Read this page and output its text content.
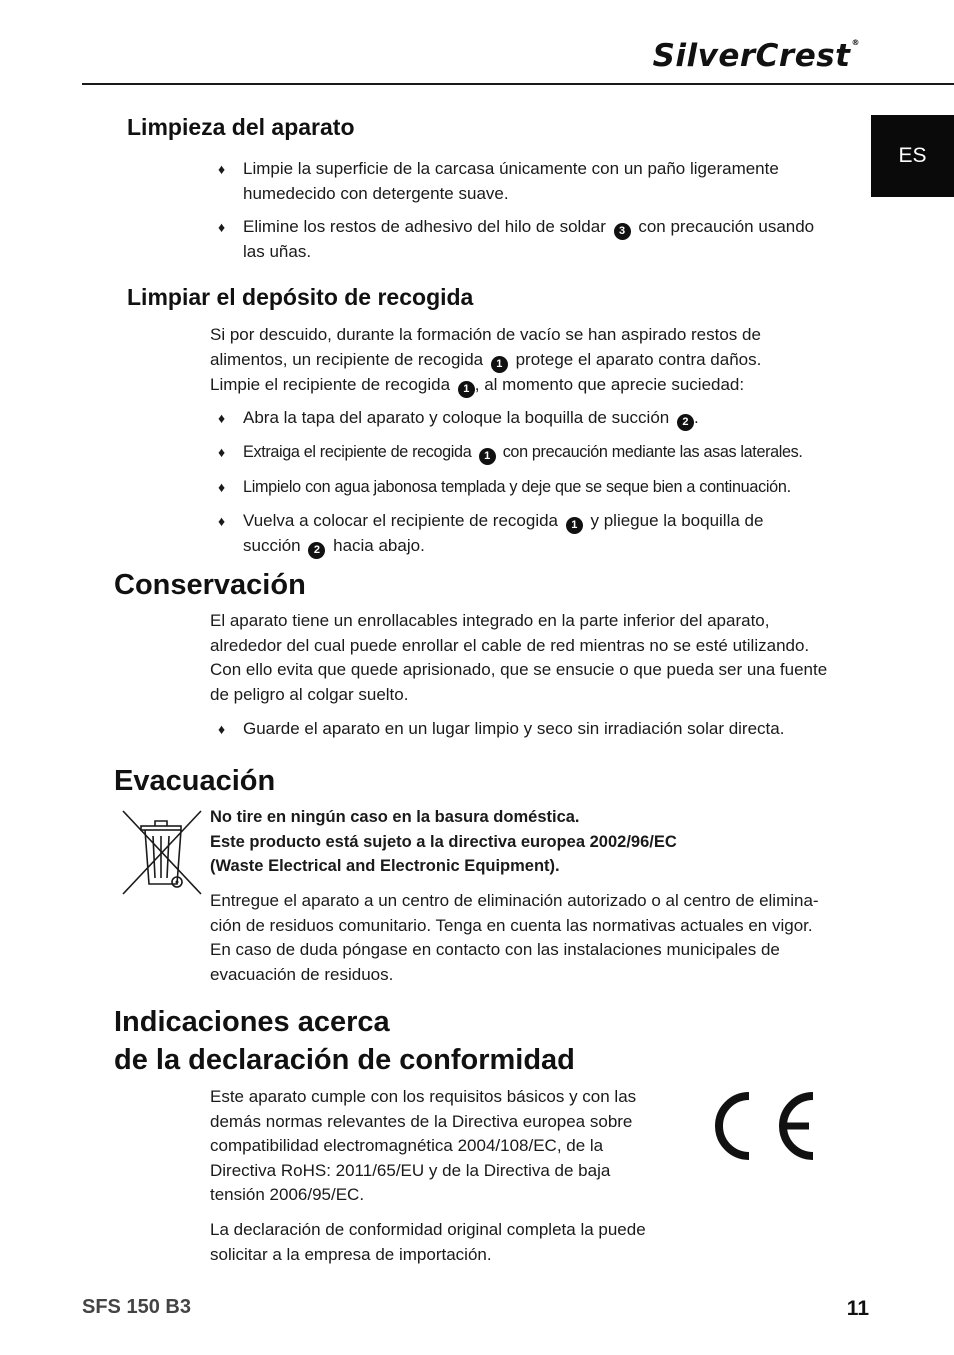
SilverCrest®
ES
Limpieza del aparato
♦ Limpie la superficie de la carcasa únicamente con un paño ligeramente
humedecido con detergente suave.
♦ Elimine los restos de adhesivo del hilo de soldar 3 con precaución usando
las uñas.
Limpiar el depósito de recogida
Si por descuido, durante la formación de vacío se han aspirado restos de
alimentos, un recipiente de recogida 1 protege el aparato contra daños.
Limpie el recipiente de recogida 1 , al momento que aprecie suciedad:
♦ Abra la tapa del aparato y coloque la boquilla de succión 2 .
♦ Extraiga el recipiente de recogida 1 con precaución mediante las asas laterales.
♦ Limpielo con agua jabonosa templada y deje que se seque bien a continuación.
♦ Vuelva a colocar el recipiente de recogida 1 y pliegue la boquilla de
succión 2 hacia abajo.
Conservación
El aparato tiene un enrollacables integrado en la parte inferior del aparato,
alrededor del cual puede enrollar el cable de red mientras no se esté utilizando.
Con ello evita que quede aprisionado, que se ensucie o que pueda ser una fuente
de peligro al colgar suelto.
♦ Guarde el aparato en un lugar limpio y seco sin irradiación solar directa.
Evacuación
No tire en ningún caso en la basura doméstica.
Este producto está sujeto a la directiva europea 2002/96/EC
(Waste Electrical and Electronic Equipment).
Entregue el aparato a un centro de eliminación autorizado o al centro de elimina-
ción de residuos comunitario. Tenga en cuenta las normativas actuales en vigor.
En caso de duda póngase en contacto con las instalaciones municipales de
evacuación de residuos.
Indicaciones acerca
de la declaración de conformidad
Este aparato cumple con los requisitos básicos y con las
demás normas relevantes de la Directiva europea sobre
compatibilidad electromagnética 2004/108/EC, de la
Directiva RoHS: 2011/65/EU y de la Directiva de baja
tensión 2006/95/EC.
La declaración de conformidad original completa la puede
solicitar a la empresa de importación.
SFS 150 B3	11
